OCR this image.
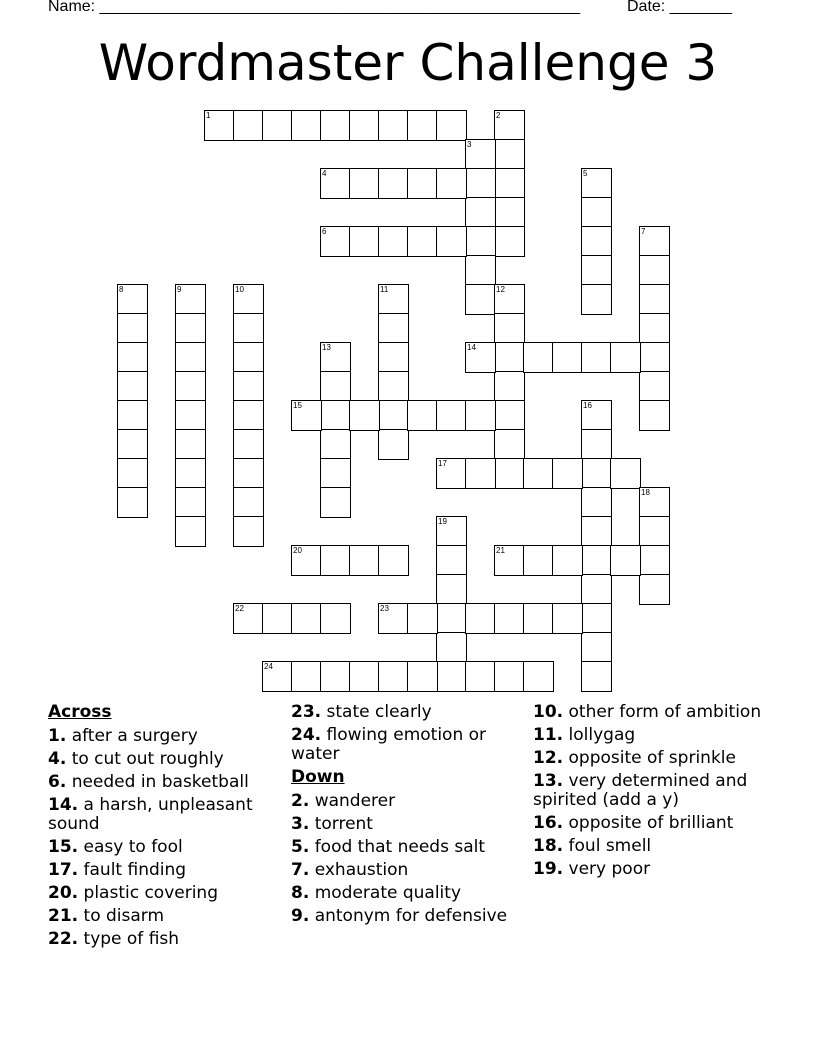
Name: ______________________________________________________	Date: _______
Wordmaster Challenge 3
1	2
3
4	5
6	7
8	9	10	11	12
13	14
15	16
17
18
19
20	21
22	23
24
Across
1. after a surgery
4. to cut out roughly
6. needed in basketball
14. a harsh, unpleasant sound
15. easy to fool
17. fault finding
20. plastic covering
21. to disarm
22. type of fish
23. state clearly
24. flowing emotion or water
Down
2. wanderer
3. torrent
5. food that needs salt
7. exhaustion
8. moderate quality
9. antonym for defensive
10. other form of ambition
11. lollygag
12. opposite of sprinkle
13. very determined and spirited (add a y)
16. opposite of brilliant
18. foul smell
19. very poor
